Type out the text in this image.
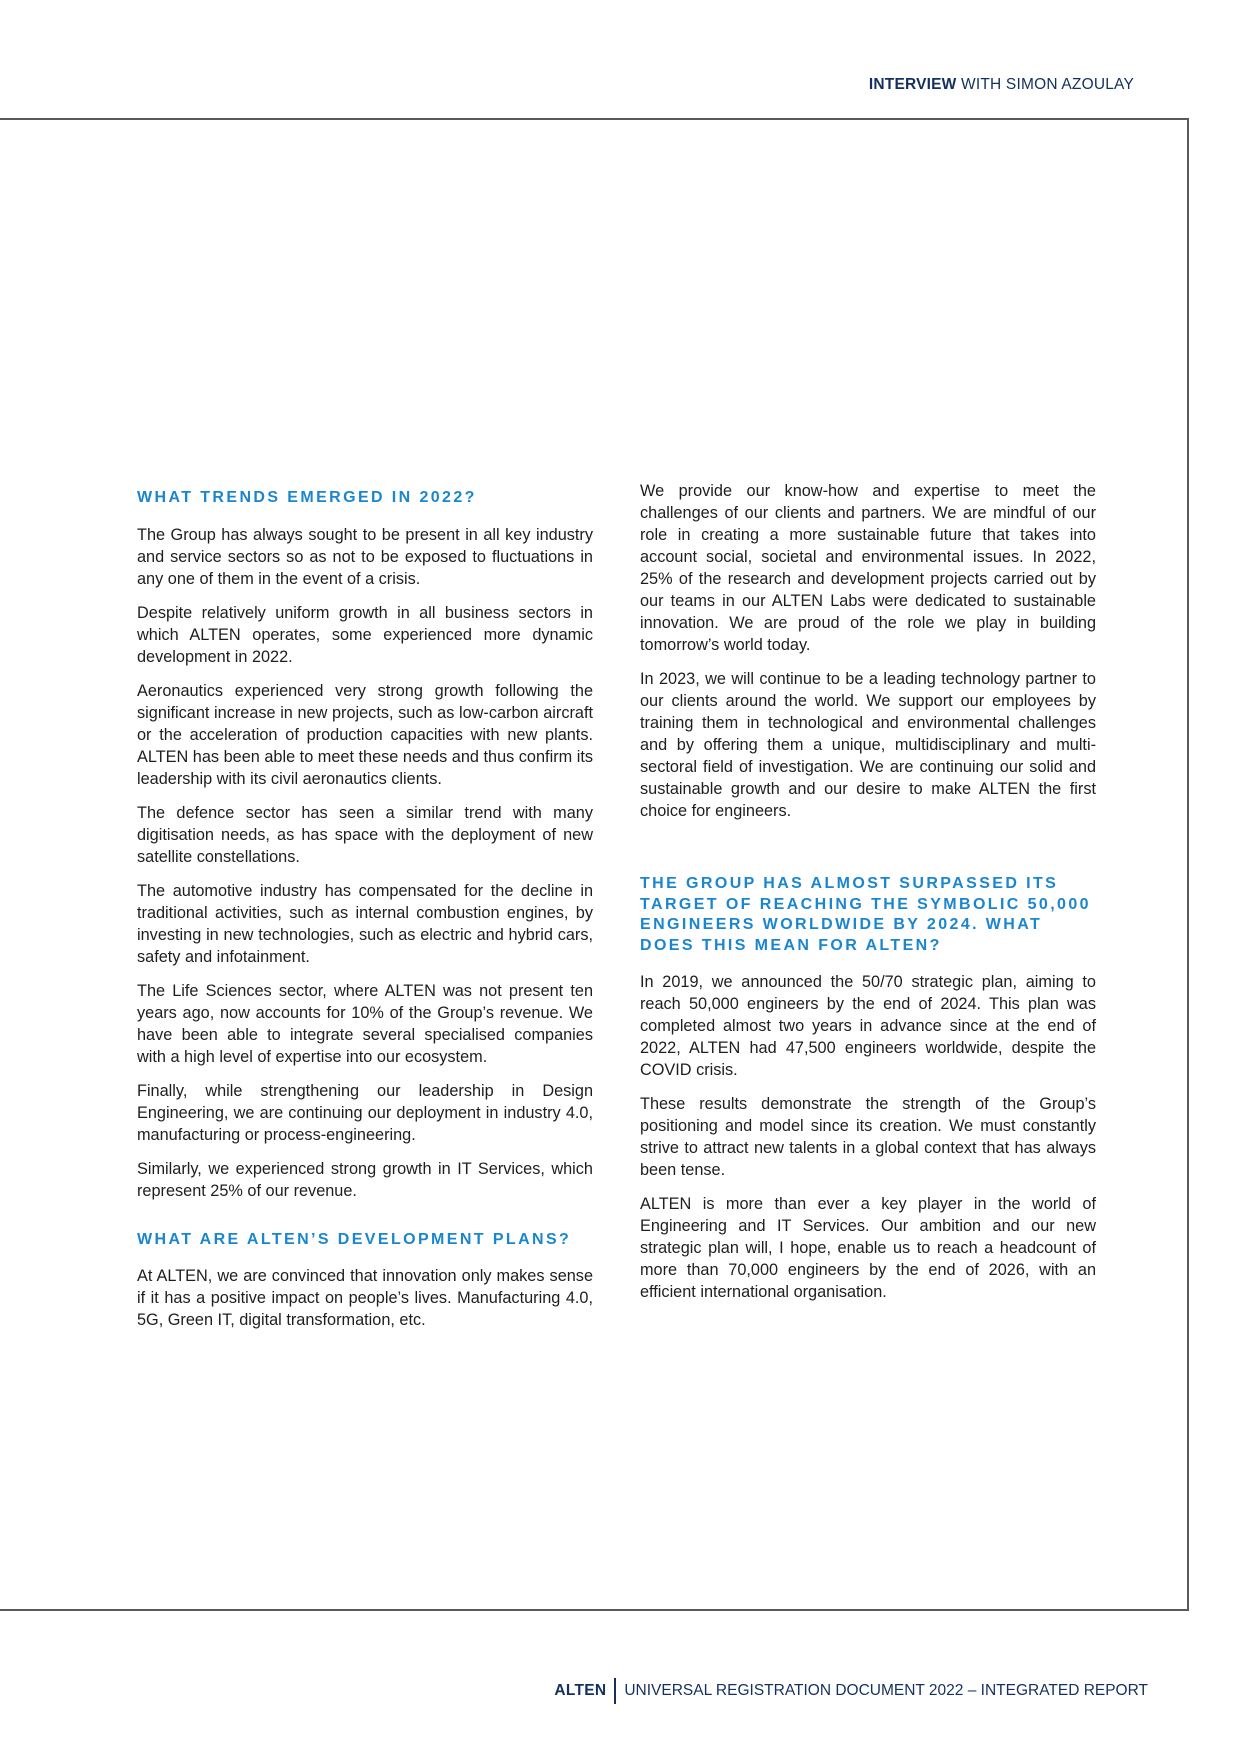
INTERVIEW WITH SIMON AZOULAY
WHAT TRENDS EMERGED IN 2022?

The Group has always sought to be present in all key industry and service sectors so as not to be exposed to fluctuations in any one of them in the event of a crisis.

Despite relatively uniform growth in all business sectors in which ALTEN operates, some experienced more dynamic development in 2022.

Aeronautics experienced very strong growth following the significant increase in new projects, such as low-carbon aircraft or the acceleration of production capacities with new plants. ALTEN has been able to meet these needs and thus confirm its leadership with its civil aeronautics clients.

The defence sector has seen a similar trend with many digitisation needs, as has space with the deployment of new satellite constellations.

The automotive industry has compensated for the decline in traditional activities, such as internal combustion engines, by investing in new technologies, such as electric and hybrid cars, safety and infotainment.

The Life Sciences sector, where ALTEN was not present ten years ago, now accounts for 10% of the Group’s revenue. We have been able to integrate several specialised companies with a high level of expertise into our ecosystem.

Finally, while strengthening our leadership in Design Engineering, we are continuing our deployment in industry 4.0, manufacturing or process-engineering.

Similarly, we experienced strong growth in IT Services, which represent 25% of our revenue.

WHAT ARE ALTEN’S DEVELOPMENT PLANS?

At ALTEN, we are convinced that innovation only makes sense if it has a positive impact on people’s lives. Manufacturing 4.0, 5G, Green IT, digital transformation, etc.

We provide our know-how and expertise to meet the challenges of our clients and partners. We are mindful of our role in creating a more sustainable future that takes into account social, societal and environmental issues. In 2022, 25% of the research and development projects carried out by our teams in our ALTEN Labs were dedicated to sustainable innovation. We are proud of the role we play in building tomorrow’s world today.

In 2023, we will continue to be a leading technology partner to our clients around the world. We support our employees by training them in technological and environmental challenges and by offering them a unique, multidisciplinary and multi-sectoral field of investigation. We are continuing our solid and sustainable growth and our desire to make ALTEN the first choice for engineers.

THE GROUP HAS ALMOST SURPASSED ITS TARGET OF REACHING THE SYMBOLIC 50,000 ENGINEERS WORLDWIDE BY 2024. WHAT DOES THIS MEAN FOR ALTEN?

In 2019, we announced the 50/70 strategic plan, aiming to reach 50,000 engineers by the end of 2024. This plan was completed almost two years in advance since at the end of 2022, ALTEN had 47,500 engineers worldwide, despite the COVID crisis.

These results demonstrate the strength of the Group’s positioning and model since its creation. We must constantly strive to attract new talents in a global context that has always been tense.

ALTEN is more than ever a key player in the world of Engineering and IT Services. Our ambition and our new strategic plan will, I hope, enable us to reach a headcount of more than 70,000 engineers by the end of 2026, with an efficient international organisation.

ALTEN UNIVERSAL REGISTRATION DOCUMENT 2022 – INTEGRATED REPORT
